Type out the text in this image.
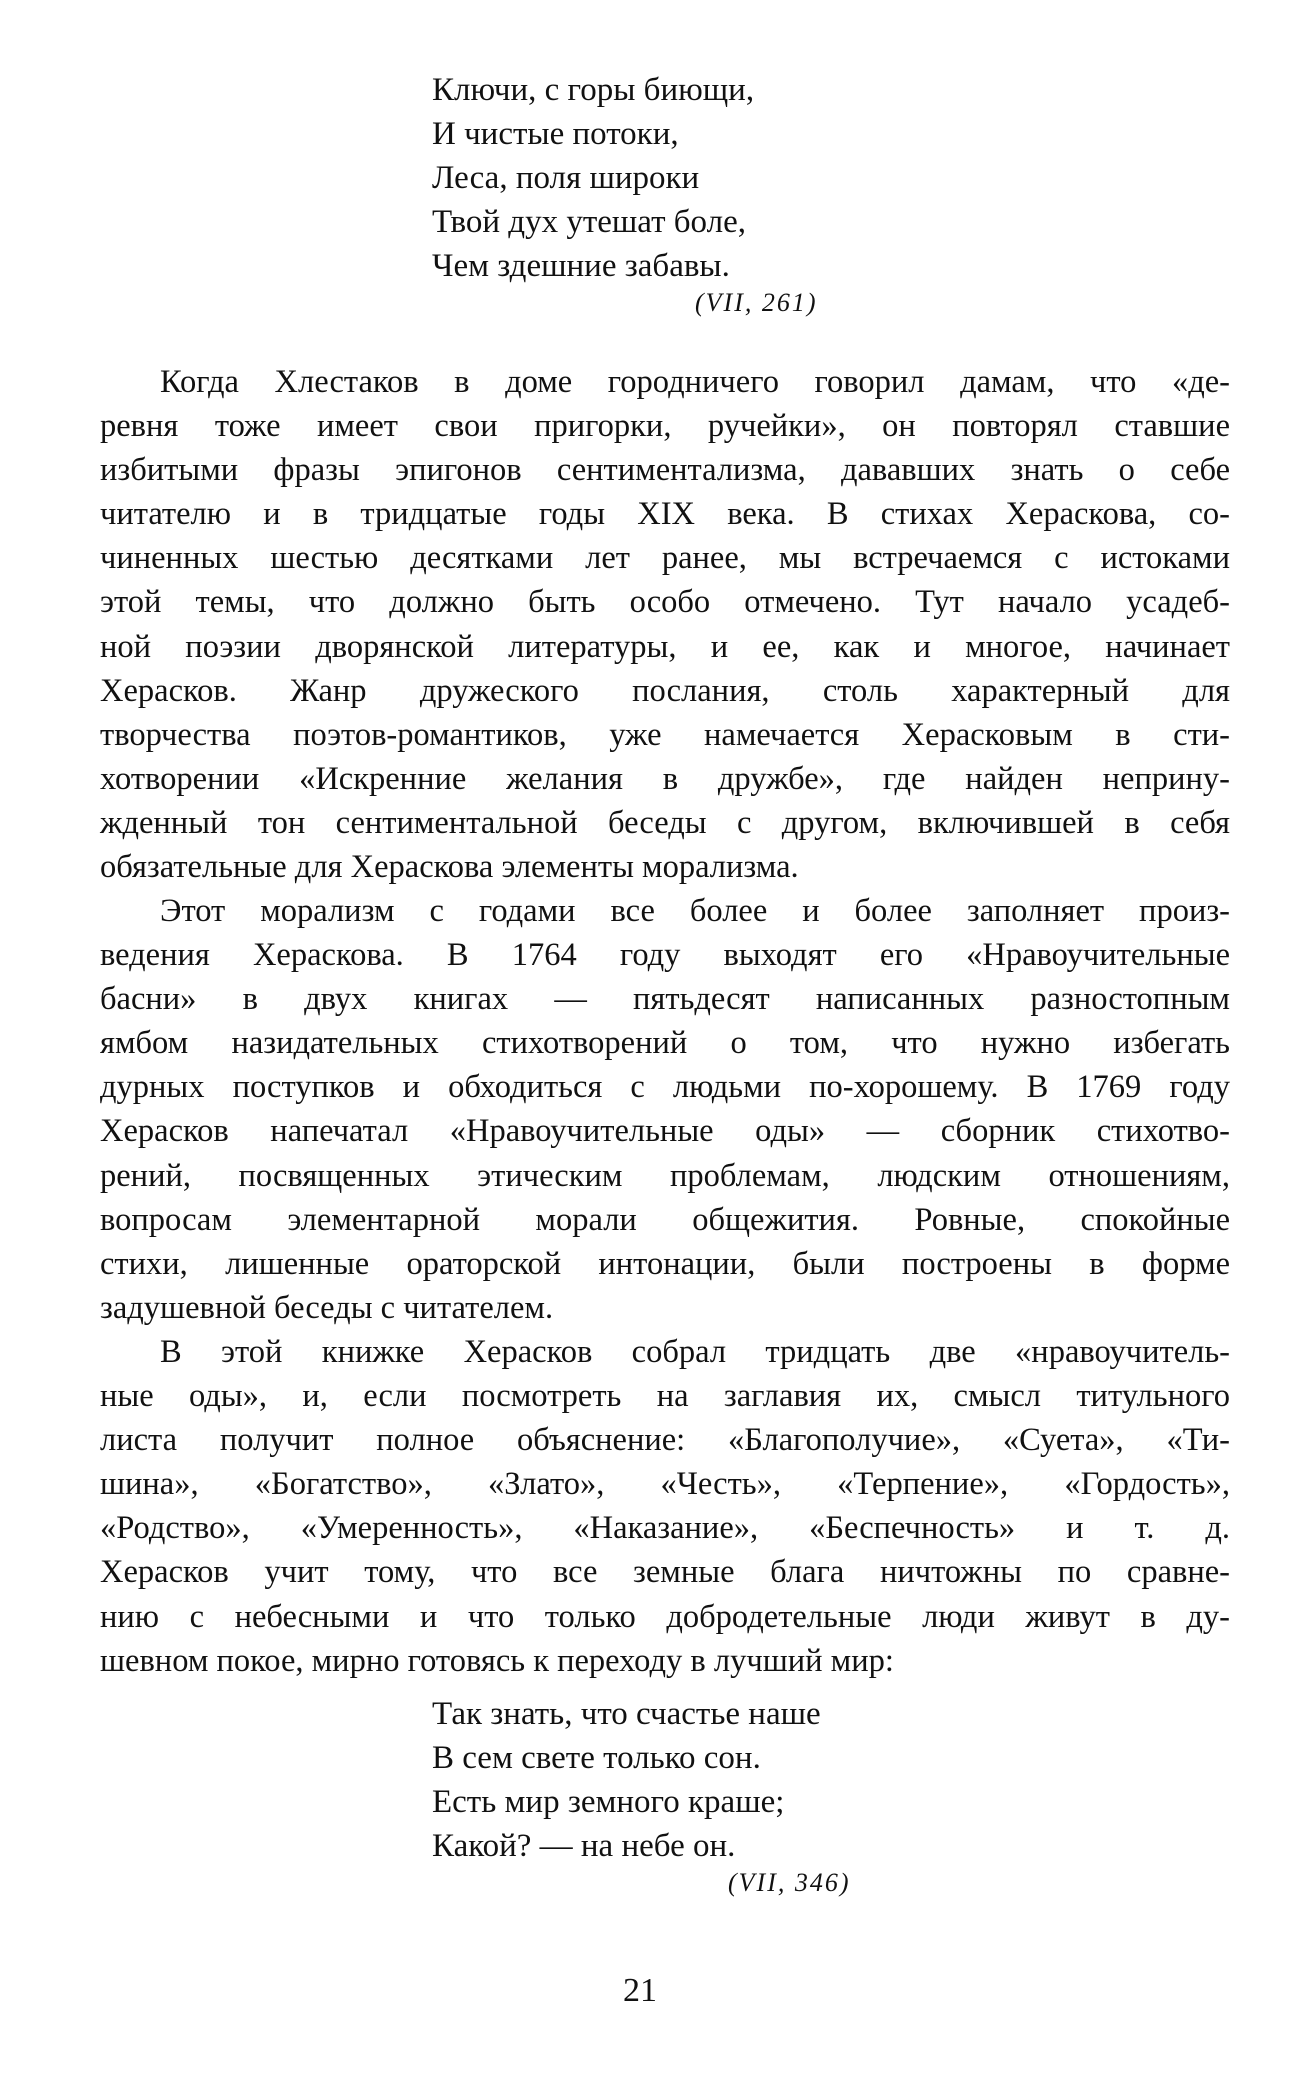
Ключи, с горы биющи,
И чистые потоки,
Леса, поля широки
Твой дух утешат боле,
Чем здешние забавы.
(VII, 261)
Когда Хлестаков в доме городничего говорил дамам, что «де-
ревня тоже имеет свои пригорки, ручейки», он повторял ставшие
избитыми фразы эпигонов сентиментализма, дававших знать о себе
читателю и в тридцатые годы XIX века. В стихах Хераскова, со-
чиненных шестью десятками лет ранее, мы встречаемся с истоками
этой темы, что должно быть особо отмечено. Тут начало усадеб-
ной поэзии дворянской литературы, и ее, как и многое, начинает
Херасков. Жанр дружеского послания, столь характерный для
творчества поэтов-романтиков, уже намечается Херасковым в сти-
хотворении «Искренние желания в дружбе», где найден неприну-
жденный тон сентиментальной беседы с другом, включившей в себя
обязательные для Хераскова элементы морализма.
Этот морализм с годами все более и более заполняет произ-
ведения Хераскова. В 1764 году выходят его «Нравоучительные
басни» в двух книгах — пятьдесят написанных разностопным
ямбом назидательных стихотворений о том, что нужно избегать
дурных поступков и обходиться с людьми по-хорошему. В 1769 году
Херасков напечатал «Нравоучительные оды» — сборник стихотво-
рений, посвященных этическим проблемам, людским отношениям,
вопросам элементарной морали общежития. Ровные, спокойные
стихи, лишенные ораторской интонации, были построены в форме
задушевной беседы с читателем.
В этой книжке Херасков собрал тридцать две «нравоучитель-
ные оды», и, если посмотреть на заглавия их, смысл титульного
листа получит полное объяснение: «Благополучие», «Суета», «Ти-
шина», «Богатство», «Злато», «Честь», «Терпение», «Гордость»,
«Родство», «Умеренность», «Наказание», «Беспечность» и т. д.
Херасков учит тому, что все земные блага ничтожны по сравне-
нию с небесными и что только добродетельные люди живут в ду-
шевном покое, мирно готовясь к переходу в лучший мир:
Так знать, что счастье наше
В сем свете только сон.
Есть мир земного краше;
Какой? — на небе он.
(VII, 346)
21
